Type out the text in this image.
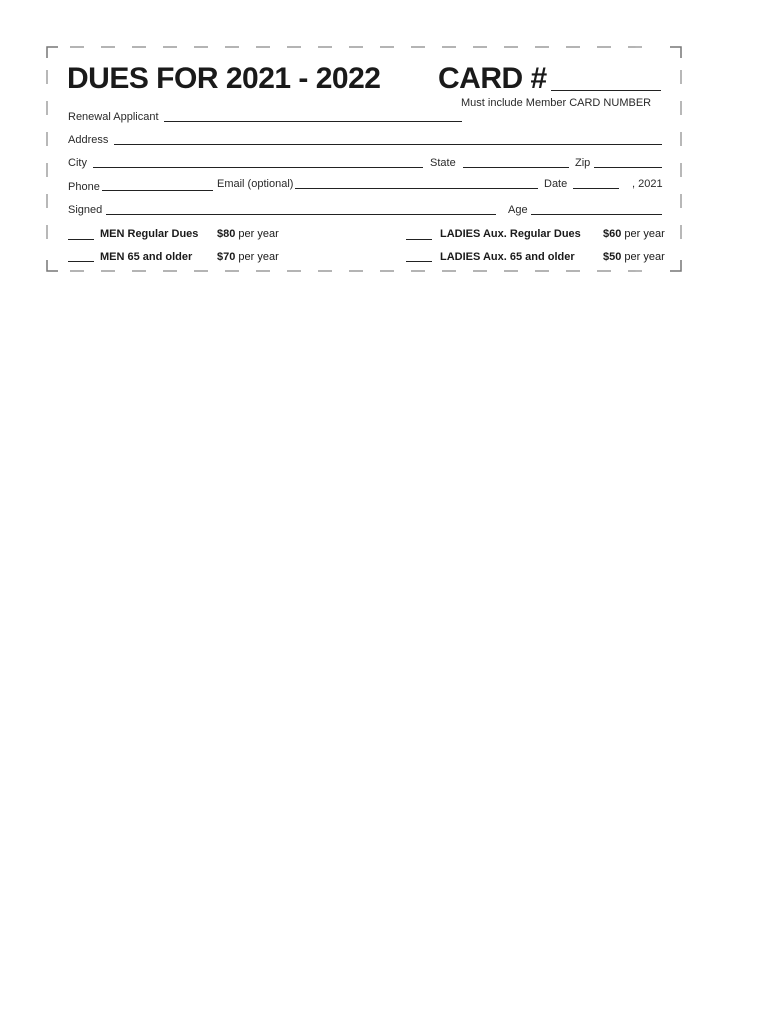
DUES FOR 2021 - 2022 CARD #
Must include Member CARD NUMBER
Renewal Applicant
Address
City	State	Zip
Phone	Email (optional)	Date	, 2021
Signed	Age
MEN Regular Dues $80 per year	LADIES Aux. Regular Dues $60 per year
MEN 65 and older $70 per year	LADIES Aux. 65 and older	$50 per year
